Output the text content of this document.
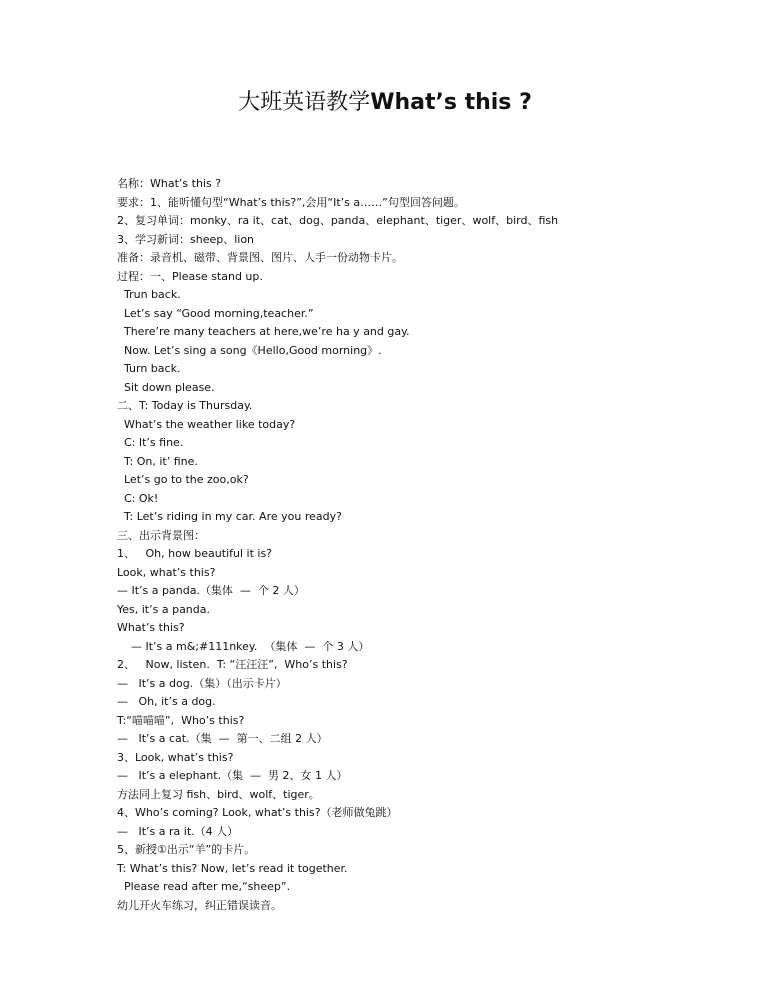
大班英语教学What’s this ?
名称：What’s this ?
要求：1、能听懂句型“What’s this?”,会用“It’s a……”句型回答问题。
2、复习单词：monky、ra it、cat、dog、panda、elephant、tiger、wolf、bird、fish
3、学习新词：sheep、lion
准备：录音机、磁带、背景图、图片、人手一份动物卡片。
过程：一、Please stand up.
Trun back.
Let’s say “Good morning,teacher.”
There’re many teachers at here,we’re ha y and gay.
Now. Let’s sing a song《Hello,Good morning》.
Turn back.
Sit down please.
二、T: Today is Thursday.
What’s the weather like today?
C: It’s fine.
T: On, it’ fine.
Let’s go to the zoo,ok?
C: Ok!
T: Let’s riding in my car. Are you ready?
三、出示背景图：
1、   Oh, how beautiful it is?
Look, what’s this?
— It’s a panda.（集体  —  个 2 人）
Yes, it’s a panda.
What’s this?
— It’s a m&;#111nkey.  （集体  —  个 3 人）
2、   Now, listen.  T: “汪汪汪”,  Who’s this?
—   It’s a dog.（集）（出示卡片）
—   Oh, it’s a dog.
T:“喵喵喵”,  Who’s this?
—   It’s a cat.（集  —  第一、二组 2 人）
3、Look, what’s this?
—   It’s a elephant.（集  —  男 2、女 1 人）
方法同上复习 fish、bird、wolf、tiger。
4、Who’s coming? Look, what’s this?（老师做兔跳）
—   It’s a ra it.（4 人）
5、新授①出示“羊”的卡片。
T: What’s this? Now, let’s read it together.
Please read after me,“sheep”.
幼儿开火车练习，纠正错误读音。
